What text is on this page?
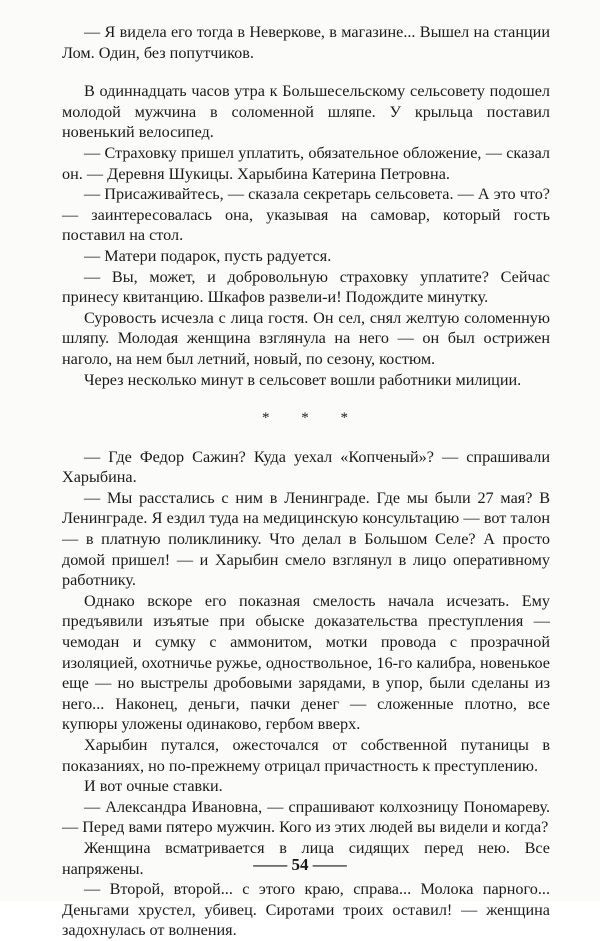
— Я видела его тогда в Неверкове, в магазине... Вышел на станции Лом. Один, без попутчиков.

В одиннадцать часов утра к Большесельскому сельсовету подошел молодой мужчина в соломенной шляпе. У крыльца поставил новенький велосипед.

— Страховку пришел уплатить, обязательное обложение, — сказал он. — Деревня Шукицы. Харыбина Катерина Петровна.

— Присаживайтесь, — сказала секретарь сельсовета. — А это что? — заинтересовалась она, указывая на самовар, который гость поставил на стол.

— Матери подарок, пусть радуется.

— Вы, может, и добровольную страховку уплатите? Сейчас принесу квитанцию. Шкафов развели-и! Подождите минутку.

Суровость исчезла с лица гостя. Он сел, снял желтую соломенную шляпу. Молодая женщина взглянула на него — он был острижен наголо, на нем был летний, новый, по сезону, костюм.

Через несколько минут в сельсовет вошли работники милиции.

* * *

— Где Федор Сажин? Куда уехал «Копченый»? — спрашивали Харыбина.

— Мы расстались с ним в Ленинграде. Где мы были 27 мая? В Ленинграде. Я ездил туда на медицинскую консультацию — вот талон — в платную поликлинику. Что делал в Большом Селе? А просто домой пришел! — и Харыбин смело взглянул в лицо оперативному работнику.

Однако вскоре его показная смелость начала исчезать. Ему предъявили изъятые при обыске доказательства преступления — чемодан и сумку с аммонитом, мотки провода с прозрачной изоляцией, охотничье ружье, одноствольное, 16-го калибра, новенькое еще — но выстрелы дробовыми зарядами, в упор, были сделаны из него... Наконец, деньги, пачки денег — сложенные плотно, все купюры уложены одинаково, гербом вверх.

Харыбин путался, ожесточался от собственной путаницы в показаниях, но по-прежнему отрицал причастность к преступлению.

И вот очные ставки.

— Александра Ивановна, — спрашивают колхозницу Пономареву. — Перед вами пятеро мужчин. Кого из этих людей вы видели и когда?

Женщина всматривается в лица сидящих перед нею. Все напряжены.

— Второй, второй... с этого краю, справа... Молока парного... Деньгами хрустел, убивец. Сиротами троих оставил! — женщина задохнулась от волнения.

—— 54 ——
